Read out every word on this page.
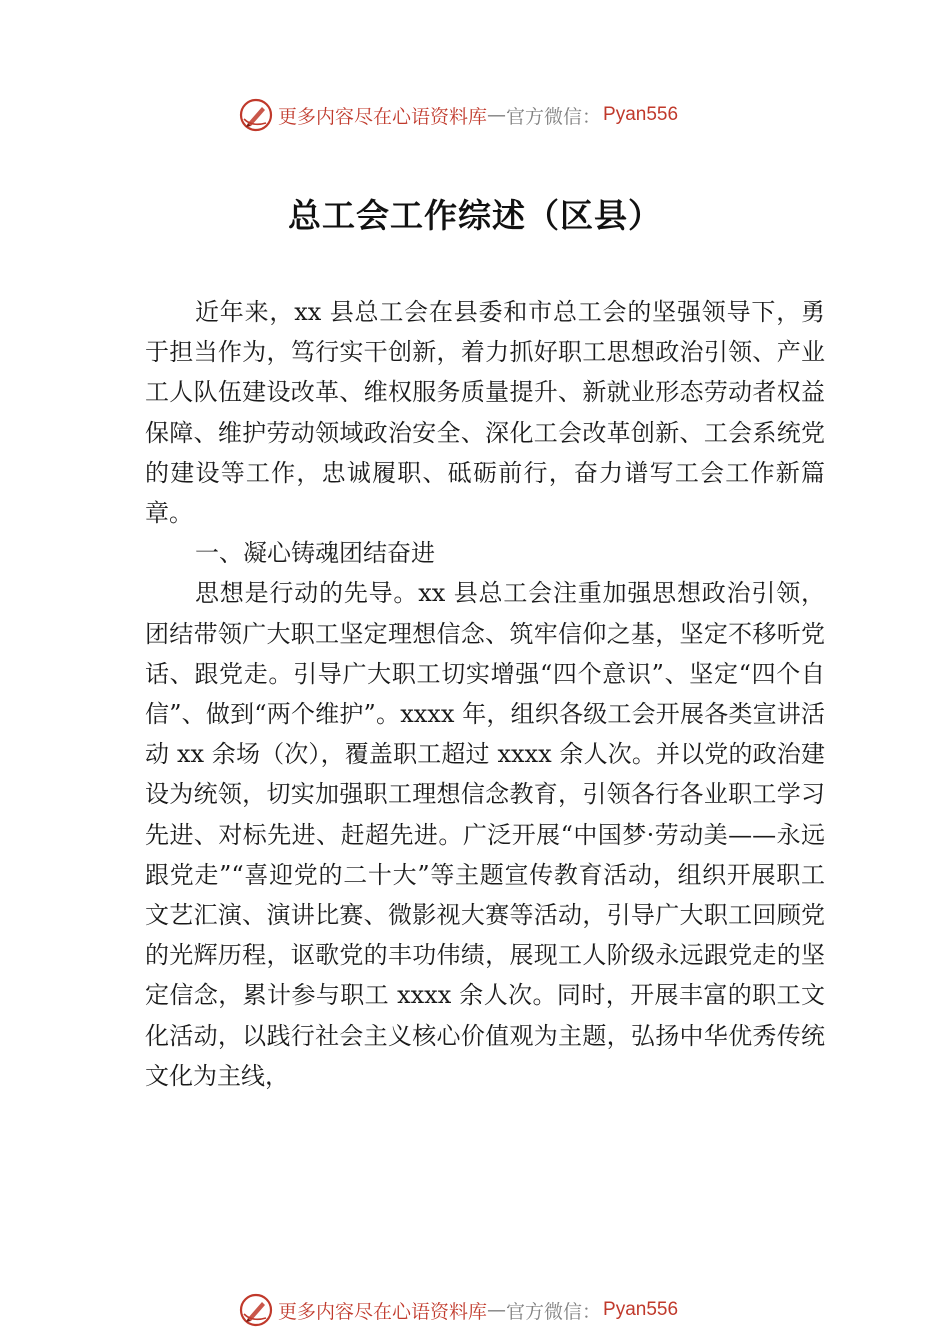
更多内容尽在心语资料库 — 官方微信： Pyan556
总工会工作综述（区县）

近年来，xx 县总工会在县委和市总工会的坚强领导下，勇于担当作为，笃行实干创新，着力抓好职工思想政治引领、产业工人队伍建设改革、维权服务质量提升、新就业形态劳动者权益保障、维护劳动领域政治安全、深化工会改革创新、工会系统党的建设等工作，忠诚履职、砥砺前行，奋力谱写工会工作新篇章。

一、凝心铸魂团结奋进

思想是行动的先导。xx 县总工会注重加强思想政治引领，团结带领广大职工坚定理想信念、筑牢信仰之基，坚定不移听党话、跟党走。引导广大职工切实增强“四个意识”、坚定“四个自信”、做到“两个维护”。xxxx 年，组织各级工会开展各类宣讲活动 xx 余场（次），覆盖职工超过 xxxx 余人次。并以党的政治建设为统领，切实加强职工理想信念教育，引领各行各业职工学习先进、对标先进、赶超先进。广泛开展“中国梦·劳动美——永远跟党走”“喜迎党的二十大”等主题宣传教育活动，组织开展职工文艺汇演、演讲比赛、微影视大赛等活动，引导广大职工回顾党的光辉历程，讴歌党的丰功伟绩，展现工人阶级永远跟党走的坚定信念，累计参与职工 xxxx 余人次。同时，开展丰富的职工文化活动，以践行社会主义核心价值观为主题，弘扬中华优秀传统文化为主线，

更多内容尽在心语资料库 — 官方微信： Pyan556
